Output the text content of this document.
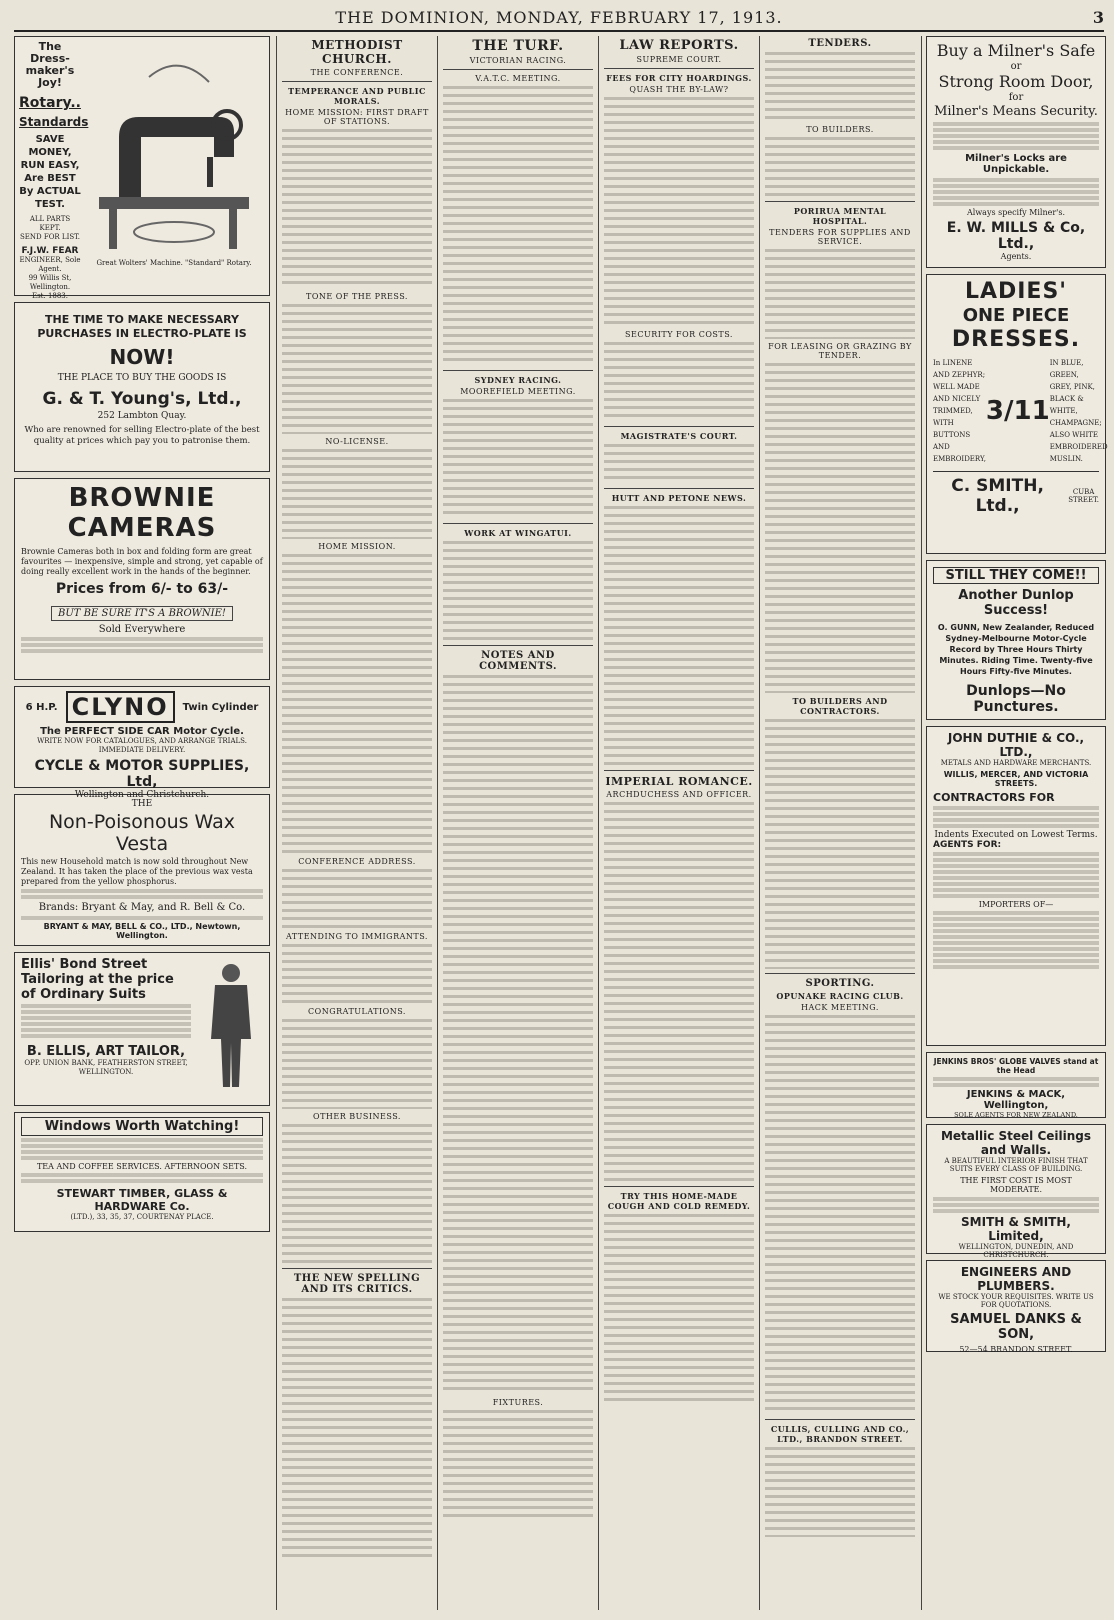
THE DOMINION, MONDAY, FEBRUARY 17, 1913.	3
The Dress-maker's Joy!
Rotary..
Standards
SAVE MONEY,
RUN EASY,
Are BEST By ACTUAL TEST.
ALL PARTS KEPT.
SEND FOR LIST.
F.J.W. FEAR
ENGINEER, Sole Agent.
99 Willis St, Wellington.
Est. 1883.
Great Wolters' Machine. "Standard" Rotary.
THE TIME TO MAKE NECESSARY PURCHASES IN ELECTRO-PLATE IS
NOW!
THE PLACE TO BUY THE GOODS IS
G. & T. Young's, Ltd.,
252 Lambton Quay.
Who are renowned for selling Electro-plate of the best quality at prices which pay you to patronise them.
BROWNIE
CAMERAS
Brownie Cameras both in box and folding form are great favourites — inexpensive, simple and strong, yet capable of doing really excellent work in the hands of the beginner.
Prices from 6/- to 63/-
BUT BE SURE IT'S A BROWNIE!
Sold Everywhere
6 H.P. CLYNO	Twin Cylinder
The PERFECT SIDE CAR Motor Cycle.
WRITE NOW FOR CATALOGUES, AND ARRANGE TRIALS. IMMEDIATE DELIVERY.
CYCLE & MOTOR SUPPLIES, Ltd,
Wellington and Christchurch.
THE
Non-Poisonous Wax Vesta
This new Household match is now sold throughout New Zealand. It has taken the place of the previous wax vesta prepared from the yellow phosphorus.
Brands: Bryant & May, and R. Bell & Co.
BRYANT & MAY, BELL & CO., LTD., Newtown, Wellington.
Ellis' Bond Street Tailoring at the price of Ordinary Suits
B. ELLIS, ART TAILOR,
OPP. UNION BANK, FEATHERSTON STREET, WELLINGTON.
Windows Worth Watching!
TEA AND COFFEE SERVICES. AFTERNOON SETS.
STEWART TIMBER, GLASS & HARDWARE Co.
(LTD.), 33, 35, 37, COURTENAY PLACE.
METHODIST CHURCH.
THE CONFERENCE.
TEMPERANCE AND PUBLIC MORALS.
HOME MISSION: FIRST DRAFT OF STATIONS.
TONE OF THE PRESS.
NO-LICENSE.
HOME MISSION.
CONFERENCE ADDRESS.
ATTENDING TO IMMIGRANTS.
CONGRATULATIONS.
OTHER BUSINESS.
THE NEW SPELLING AND ITS CRITICS.
THE TURF.
VICTORIAN RACING.
V.A.T.C. MEETING.
SYDNEY RACING.
MOOREFIELD MEETING.
WORK AT WINGATUI.
NOTES AND COMMENTS.
FIXTURES.
LAW REPORTS.
SUPREME COURT.
FEES FOR CITY HOARDINGS.
QUASH THE BY-LAW?
SECURITY FOR COSTS.
MAGISTRATE'S COURT.
HUTT AND PETONE NEWS.
IMPERIAL ROMANCE.
ARCHDUCHESS AND OFFICER.
TRY THIS HOME-MADE COUGH AND COLD REMEDY.
TENDERS.
TO BUILDERS.
PORIRUA MENTAL HOSPITAL.
TENDERS FOR SUPPLIES AND SERVICE.
FOR LEASING OR GRAZING BY TENDER.
TO BUILDERS AND CONTRACTORS.
SPORTING.
OPUNAKE RACING CLUB.
HACK MEETING.
CULLIS, CULLING AND CO., LTD., BRANDON STREET.
Buy a Milner's Safe
or
Strong Room Door,
for
Milner's Means Security.
Milner's Locks are Unpickable.
Always specify Milner's.
E. W. MILLS & Co, Ltd.,
Agents.
LADIES'
ONE PIECE
DRESSES.
In LINENE
AND ZEPHYR;
WELL MADE
AND NICELY
TRIMMED, WITH
BUTTONS AND
EMBROIDERY,
3/11
IN BLUE, GREEN,
GREY, PINK,
BLACK & WHITE,
CHAMPAGNE;
ALSO WHITE
EMBROIDERED
MUSLIN.
C. SMITH, Ltd.,
CUBA STREET.
STILL THEY COME!!
Another Dunlop Success!
O. GUNN, New Zealander, Reduced Sydney-Melbourne Motor-Cycle Record by Three Hours Thirty Minutes. Riding Time. Twenty-five Hours Fifty-five Minutes.
Dunlops—No Punctures.
JOHN DUTHIE & CO., LTD.,
METALS AND HARDWARE MERCHANTS.
WILLIS, MERCER, AND VICTORIA STREETS.
CONTRACTORS FOR
Indents Executed on Lowest Terms.
AGENTS FOR:
IMPORTERS OF—
JENKINS BROS' GLOBE VALVES stand at the Head
JENKINS & MACK, Wellington,
SOLE AGENTS FOR NEW ZEALAND.
Metallic Steel Ceilings and Walls.
A BEAUTIFUL INTERIOR FINISH THAT SUITS EVERY CLASS OF BUILDING.
THE FIRST COST IS MOST MODERATE.
SMITH & SMITH, Limited,
WELLINGTON, DUNEDIN, AND CHRISTCHURCH.
ENGINEERS AND PLUMBERS.
WE STOCK YOUR REQUISITES. WRITE US FOR QUOTATIONS.
SAMUEL DANKS & SON,
52—54 BRANDON STREET.
